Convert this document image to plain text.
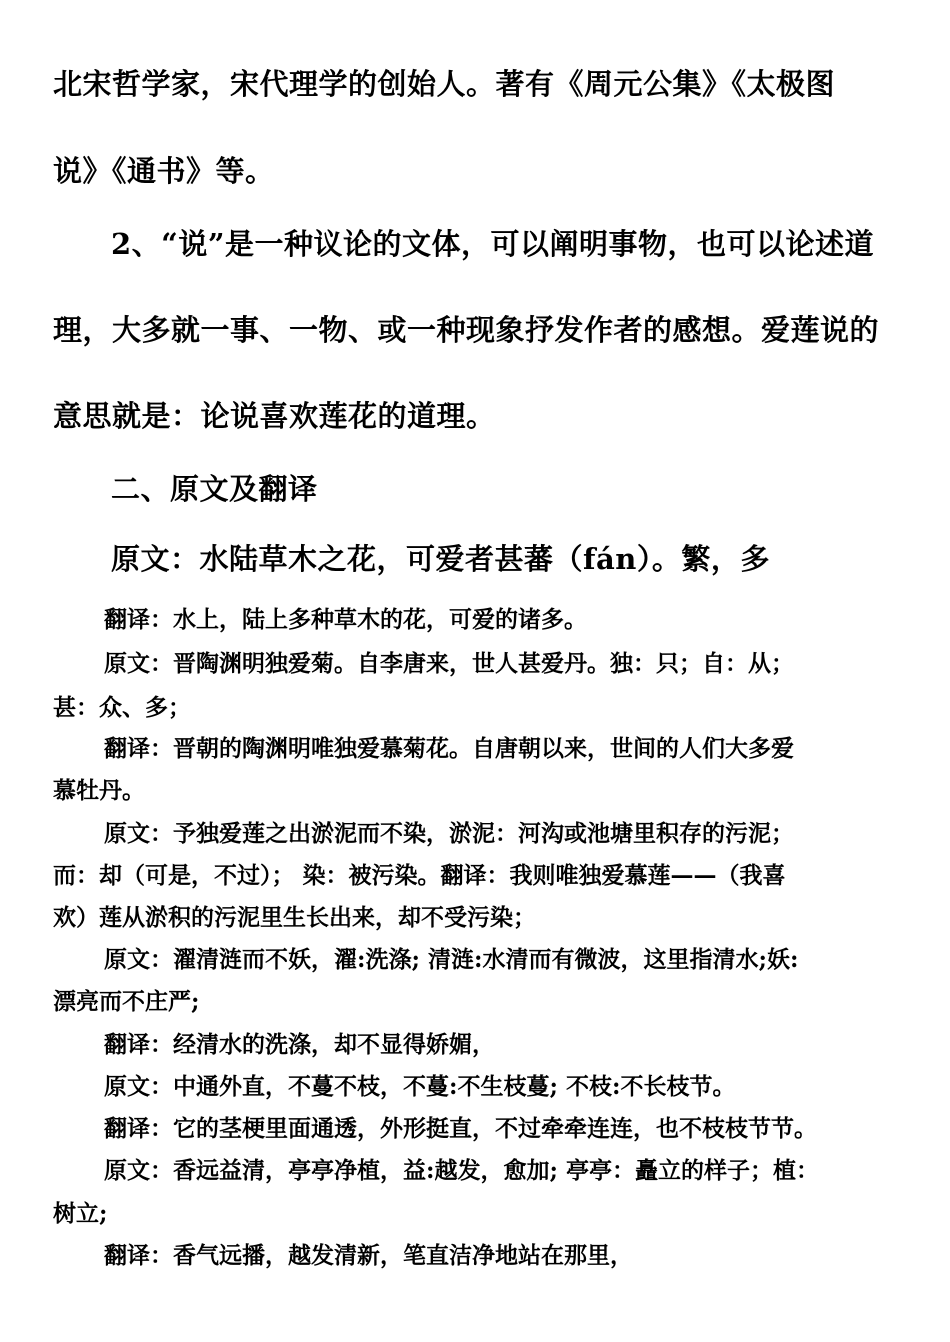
北宋哲学家，宋代理学的创始人。著有《周元公集》《太极图
说》《通书》等。
2、“说”是一种议论的文体，可以阐明事物，也可以论述道
理，大多就一事、一物、或一种现象抒发作者的感想。爱莲说的
意思就是：论说喜欢莲花的道理。
二、原文及翻译
原文：水陆草木之花，可爱者甚蕃（fán）。繁，多
翻译：水上，陆上多种草木的花，可爱的诸多。
原文：晋陶渊明独爱菊。自李唐来，世人甚爱丹。独：只；自：从；
甚：众、多；
翻译：晋朝的陶渊明唯独爱慕菊花。自唐朝以来，世间的人们大多爱
慕牡丹。
原文：予独爱莲之出淤泥而不染，淤泥：河沟或池塘里积存的污泥；
而：却（可是，不过）； 染：被污染。翻译：我则唯独爱慕莲——（我喜
欢）莲从淤积的污泥里生长出来，却不受污染；
原文：濯清涟而不妖，濯:洗涤; 清涟:水清而有微波，这里指清水;妖:
漂亮而不庄严;
翻译：经清水的洗涤，却不显得娇媚，
原文：中通外直，不蔓不枝，不蔓:不生枝蔓; 不枝:不长枝节。
翻译：它的茎梗里面通透，外形挺直，不过牵牵连连，也不枝枝节节。
原文：香远益清，亭亭净植，益:越发，愈加; 亭亭：矗立的样子；植：
树立;
翻译：香气远播，越发清新，笔直洁净地站在那里，
